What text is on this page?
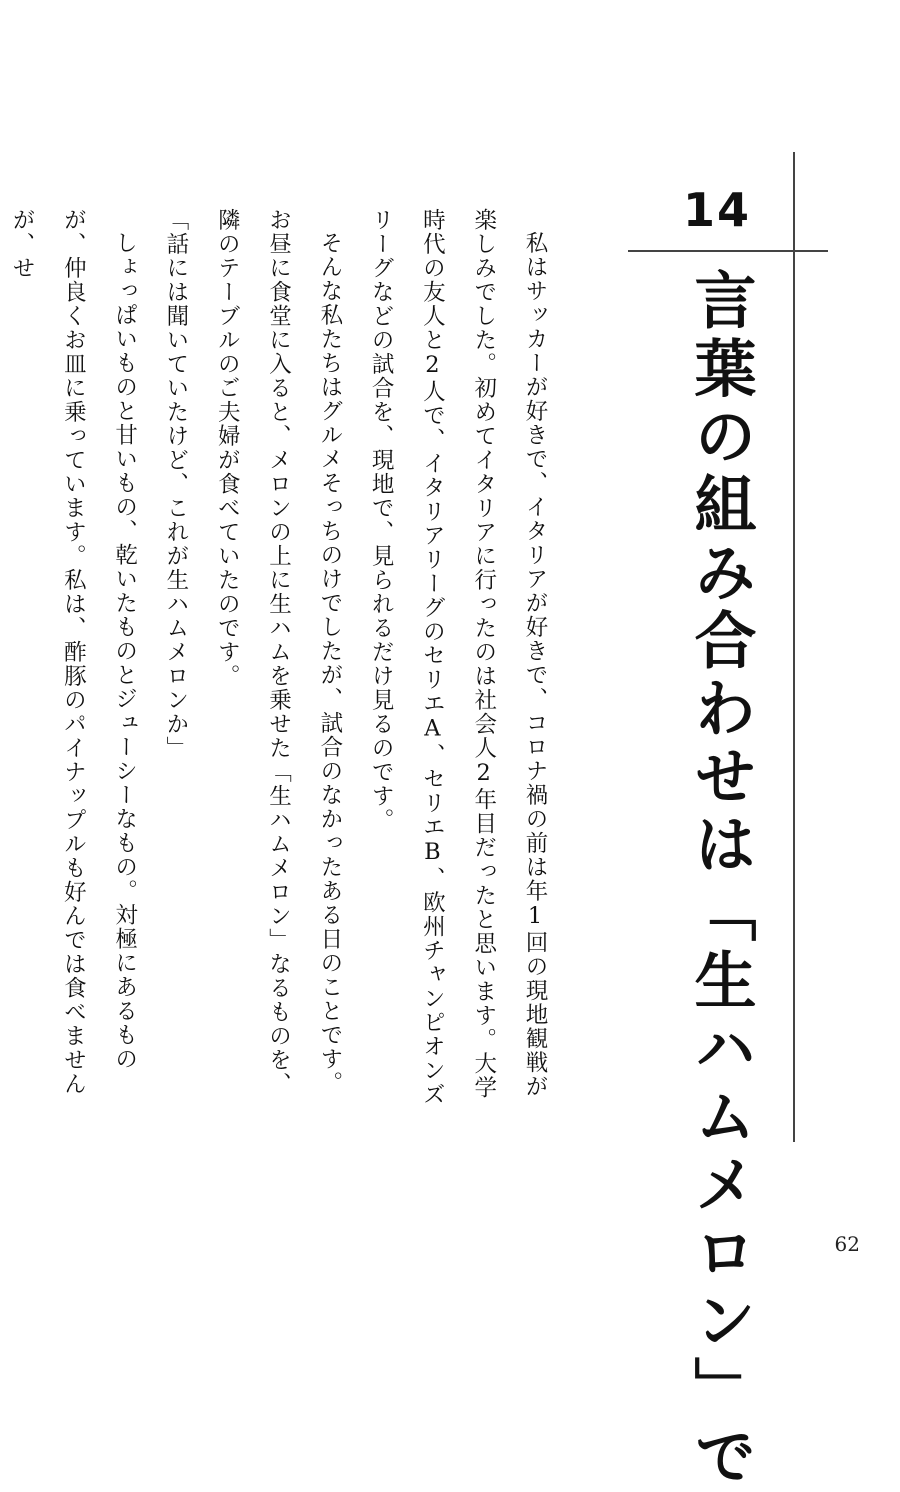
14
言葉の組み合わせは「生ハムメロン」で

私はサッカーが好きで、イタリアが好きで、コロナ禍の前は年1回の現地観戦が楽しみでした。初めてイタリアに行ったのは社会人2年目だったと思います。大学時代の友人と2人で、イタリアリーグのセリエA、セリエB、欧州チャンピオンズリーグなどの試合を、現地で、見られるだけ見るのです。

そんな私たちはグルメそっちのけでしたが、試合のなかったある日のことです。お昼に食堂に入ると、メロンの上に生ハムを乗せた「生ハムメロン」なるものを、隣のテーブルのご夫婦が食べていたのです。

「話には聞いていたけど、これが生ハムメロンか」

しょっぱいものと甘いもの、乾いたものとジューシーなもの。対極にあるものが、仲良くお皿に乗っています。私は、酢豚のパイナップルも好んでは食べませんが、せ

62
